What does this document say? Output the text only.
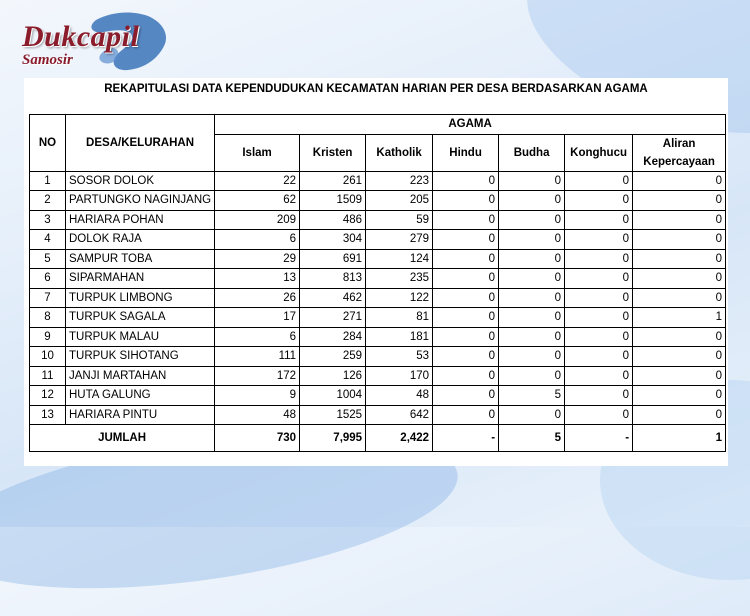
Dukcapil
Samosir
REKAPITULASI DATA KEPENDUDUKAN KECAMATAN HARIAN PER DESA BERDASARKAN AGAMA
NO	DESA/KELURAHAN	AGAMA						
		Islam	Kristen	Katholik	Hindu	Budha	Konghucu	Aliran
Kepercayaan
1	SOSOR DOLOK	22	261	223	0	0	0	0
2	PARTUNGKO NAGINJANG	62	1509	205	0	0	0	0
3	HARIARA POHAN	209	486	59	0	0	0	0
4	DOLOK RAJA	6	304	279	0	0	0	0
5	SAMPUR TOBA	29	691	124	0	0	0	0
6	SIPARMAHAN	13	813	235	0	0	0	0
7	TURPUK LIMBONG	26	462	122	0	0	0	0
8	TURPUK SAGALA	17	271	81	0	0	0	1
9	TURPUK MALAU	6	284	181	0	0	0	0
10	TURPUK SIHOTANG	111	259	53	0	0	0	0
11	JANJI MARTAHAN	172	126	170	0	0	0	0
12	HUTA GALUNG	9	1004	48	0	5	0	0
13	HARIARA PINTU	48	1525	642	0	0	0	0
JUMLAH		730	7,995	2,422	-	5	-	1
